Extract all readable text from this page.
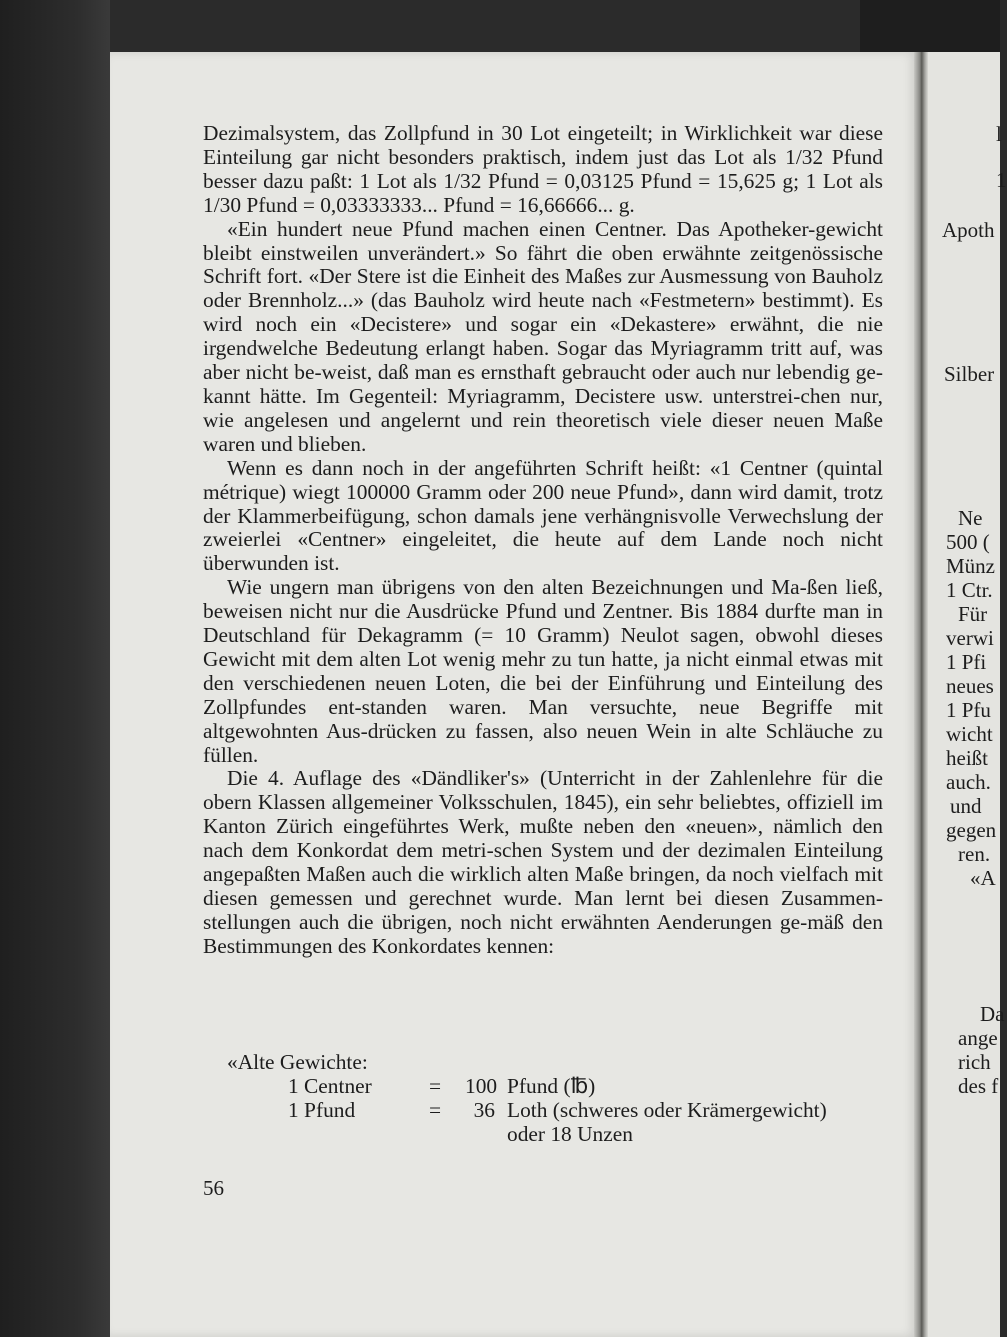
Dezimalsystem, das Zollpfund in 30 Lot eingeteilt; in Wirklichkeit war diese Einteilung gar nicht besonders praktisch, indem just das Lot als 1/32 Pfund besser dazu paßt: 1 Lot als 1/32 Pfund = 0,03125 Pfund = 15,625 g; 1 Lot als 1/30 Pfund = 0,03333333... Pfund = 16,66666... g.

«Ein hundert neue Pfund machen einen Centner. Das Apotheker-gewicht bleibt einstweilen unverändert.» So fährt die oben erwähnte zeitgenössische Schrift fort. «Der Stere ist die Einheit des Maßes zur Ausmessung von Bauholz oder Brennholz...» (das Bauholz wird heute nach «Festmetern» bestimmt). Es wird noch ein «Decistere» und sogar ein «Dekastere» erwähnt, die nie irgendwelche Bedeutung erlangt haben. Sogar das Myriagramm tritt auf, was aber nicht be-weist, daß man es ernsthaft gebraucht oder auch nur lebendig ge-kannt hätte. Im Gegenteil: Myriagramm, Decistere usw. unterstrei-chen nur, wie angelesen und angelernt und rein theoretisch viele dieser neuen Maße waren und blieben.

Wenn es dann noch in der angeführten Schrift heißt: «1 Centner (quintal métrique) wiegt 100000 Gramm oder 200 neue Pfund», dann wird damit, trotz der Klammerbeifügung, schon damals jene verhängnisvolle Verwechslung der zweierlei «Centner» eingeleitet, die heute auf dem Lande noch nicht überwunden ist.

Wie ungern man übrigens von den alten Bezeichnungen und Ma-ßen ließ, beweisen nicht nur die Ausdrücke Pfund und Zentner. Bis 1884 durfte man in Deutschland für Dekagramm (= 10 Gramm) Neulot sagen, obwohl dieses Gewicht mit dem alten Lot wenig mehr zu tun hatte, ja nicht einmal etwas mit den verschiedenen neuen Loten, die bei der Einführung und Einteilung des Zollpfundes ent-standen waren. Man versuchte, neue Begriffe mit altgewohnten Aus-drücken zu fassen, also neuen Wein in alte Schläuche zu füllen.

Die 4. Auflage des «Dändliker's» (Unterricht in der Zahlenlehre für die obern Klassen allgemeiner Volksschulen, 1845), ein sehr beliebtes, offiziell im Kanton Zürich eingeführtes Werk, mußte neben den «neuen», nämlich den nach dem Konkordat dem metri-schen System und der dezimalen Einteilung angepaßten Maßen auch die wirklich alten Maße bringen, da noch vielfach mit diesen gemessen und gerechnet wurde. Man lernt bei diesen Zusammen-stellungen auch die übrigen, noch nicht erwähnten Aenderungen ge-mäß den Bestimmungen des Konkordates kennen:

«Alte Gewichte:
1 Centner	= 100 Pfund (℔)
1 Pfund	=	36 Loth (schweres oder Krämergewicht)
oder 18 Unzen
56
l
1
Apoth
Silber
Ne
500 (
Münz
1 Ctr.
Für
verwi
1 Pfi
neues
1 Pfu
wicht
heißt
auch.
und
gegen
ren.
«A
Da
ange
rich
des f
